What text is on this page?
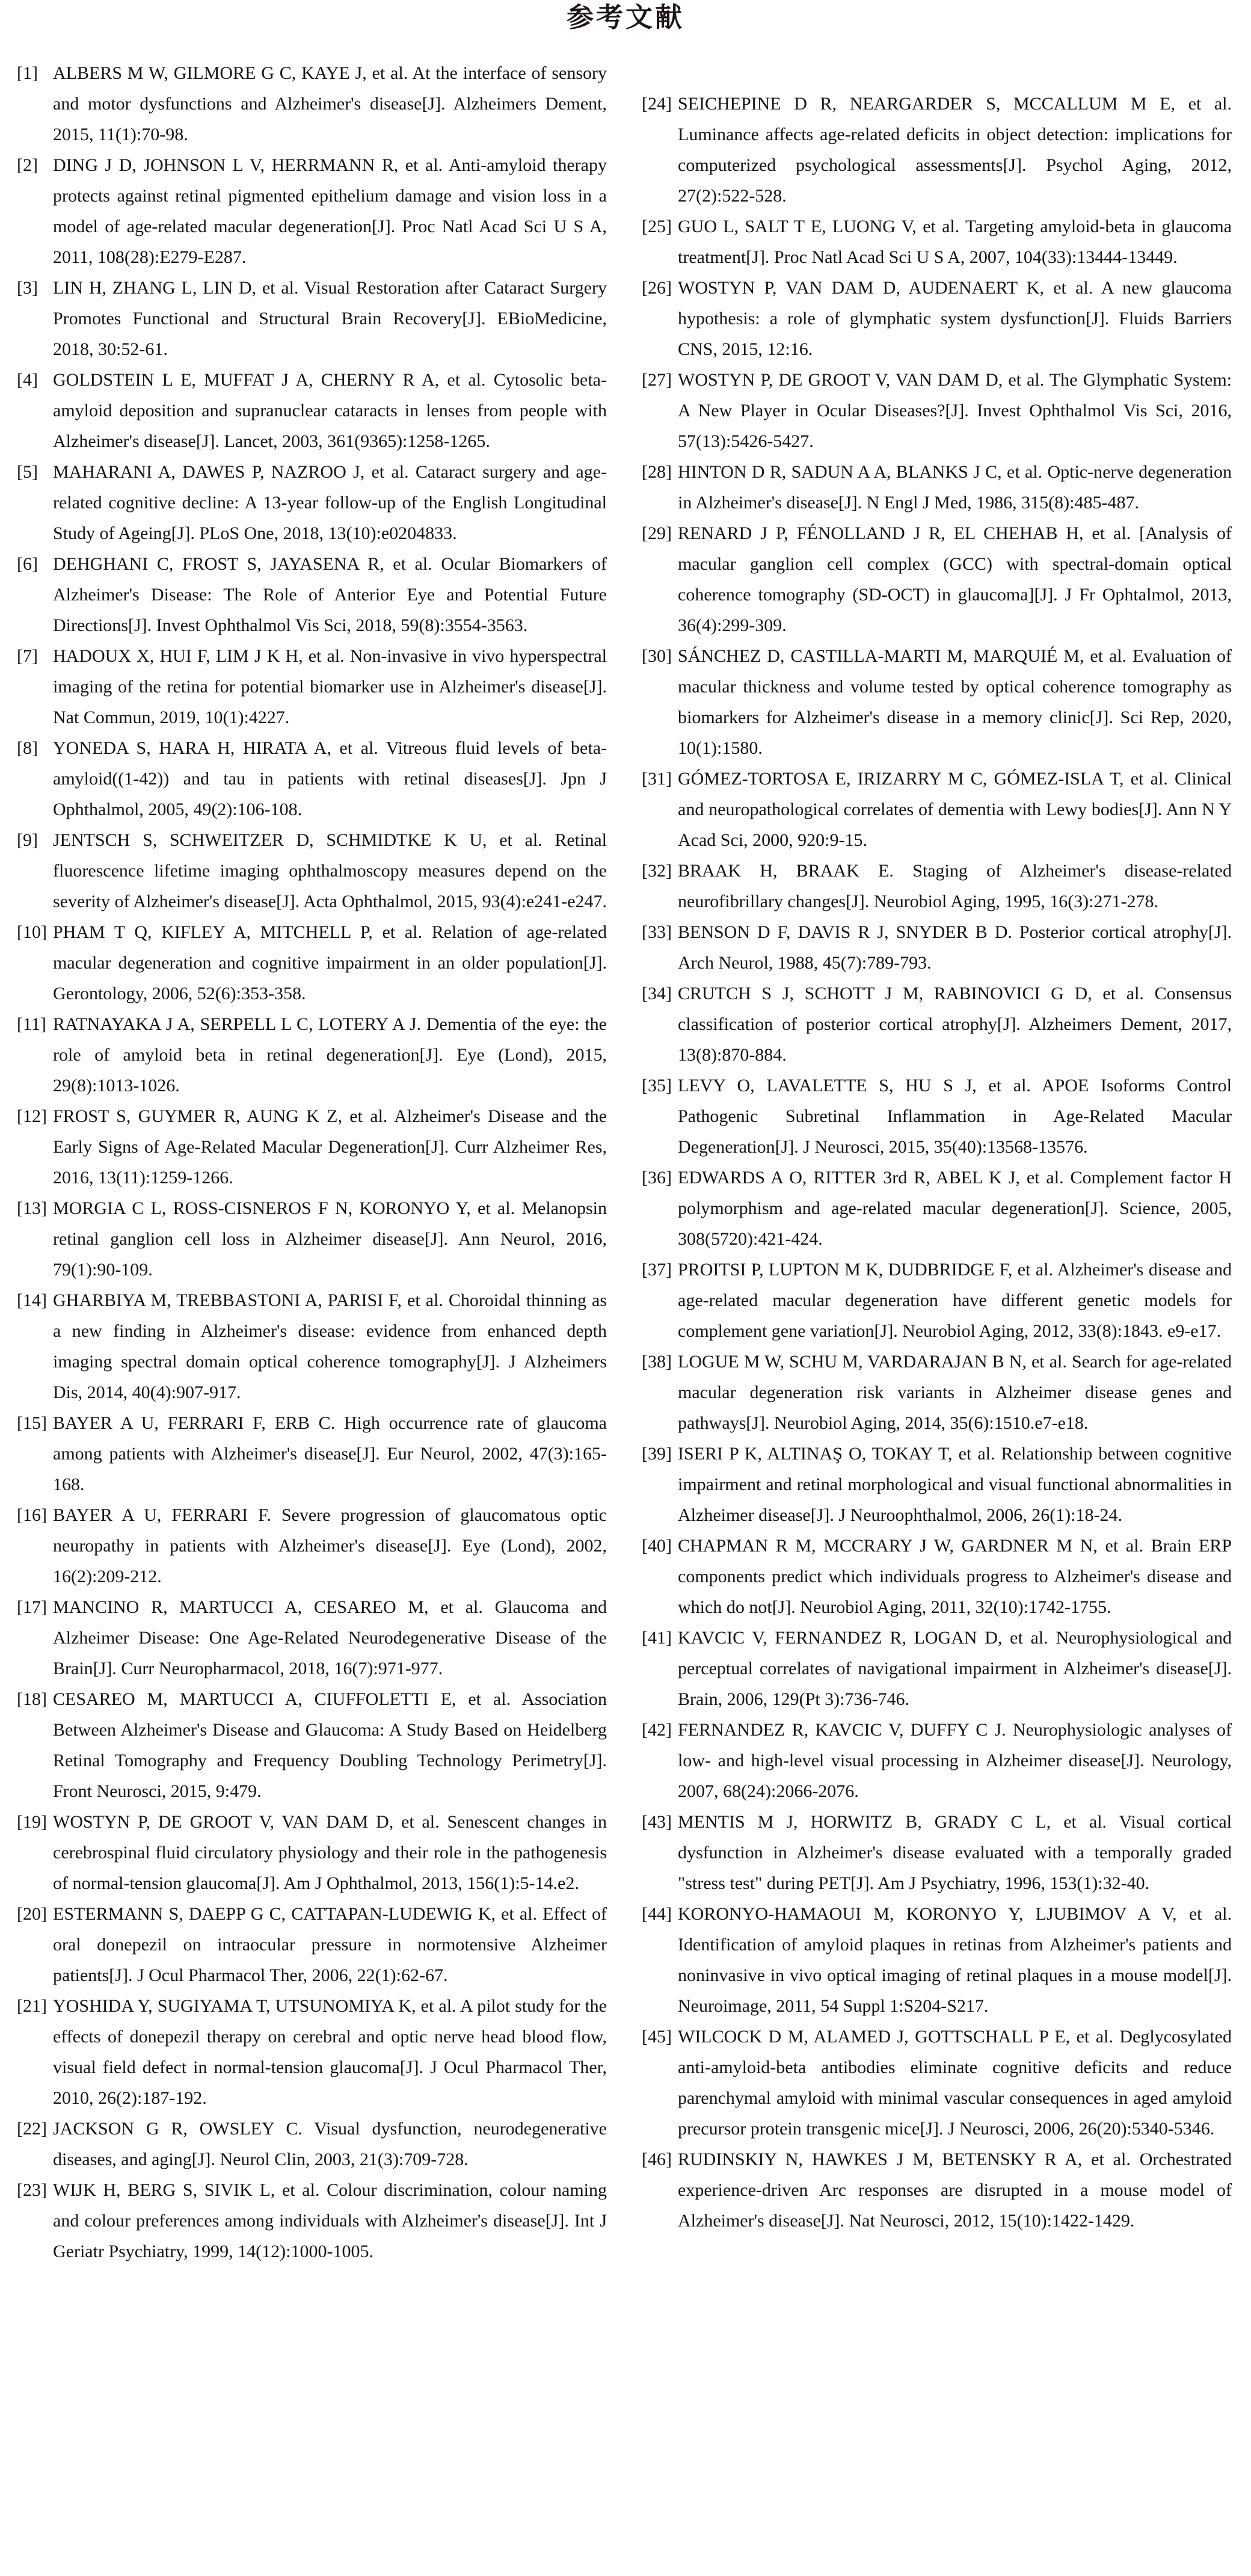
参考文献
[1] ALBERS M W, GILMORE G C, KAYE J, et al. At the interface of sensory and motor dysfunctions and Alzheimer's disease[J]. Alzheimers Dement, 2015, 11(1):70-98.
[2] DING J D, JOHNSON L V, HERRMANN R, et al. Anti-amyloid therapy protects against retinal pigmented epithelium damage and vision loss in a model of age-related macular degeneration[J]. Proc Natl Acad Sci U S A, 2011, 108(28):E279-E287.
[3] LIN H, ZHANG L, LIN D, et al. Visual Restoration after Cataract Surgery Promotes Functional and Structural Brain Recovery[J]. EBioMedicine, 2018, 30:52-61.
[4] GOLDSTEIN L E, MUFFAT J A, CHERNY R A, et al. Cytosolic beta-amyloid deposition and supranuclear cataracts in lenses from people with Alzheimer's disease[J]. Lancet, 2003, 361(9365):1258-1265.
[5] MAHARANI A, DAWES P, NAZROO J, et al. Cataract surgery and age-related cognitive decline: A 13-year follow-up of the English Longitudinal Study of Ageing[J]. PLoS One, 2018, 13(10):e0204833.
[6] DEHGHANI C, FROST S, JAYASENA R, et al. Ocular Biomarkers of Alzheimer's Disease: The Role of Anterior Eye and Potential Future Directions[J]. Invest Ophthalmol Vis Sci, 2018, 59(8):3554-3563.
[7] HADOUX X, HUI F, LIM J K H, et al. Non-invasive in vivo hyperspectral imaging of the retina for potential biomarker use in Alzheimer's disease[J]. Nat Commun, 2019, 10(1):4227.
[8] YONEDA S, HARA H, HIRATA A, et al. Vitreous fluid levels of beta-amyloid((1-42)) and tau in patients with retinal diseases[J]. Jpn J Ophthalmol, 2005, 49(2):106-108.
[9] JENTSCH S, SCHWEITZER D, SCHMIDTKE K U, et al. Retinal fluorescence lifetime imaging ophthalmoscopy measures depend on the severity of Alzheimer's disease[J]. Acta Ophthalmol, 2015, 93(4):e241-e247.
[10] PHAM T Q, KIFLEY A, MITCHELL P, et al. Relation of age-related macular degeneration and cognitive impairment in an older population[J]. Gerontology, 2006, 52(6):353-358.
[11] RATNAYAKA J A, SERPELL L C, LOTERY A J. Dementia of the eye: the role of amyloid beta in retinal degeneration[J]. Eye (Lond), 2015, 29(8):1013-1026.
[12] FROST S, GUYMER R, AUNG K Z, et al. Alzheimer's Disease and the Early Signs of Age-Related Macular Degeneration[J]. Curr Alzheimer Res, 2016, 13(11):1259-1266.
[13] MORGIA C L, ROSS-CISNEROS F N, KORONYO Y, et al. Melanopsin retinal ganglion cell loss in Alzheimer disease[J]. Ann Neurol, 2016, 79(1):90-109.
[14] GHARBIYA M, TREBBASTONI A, PARISI F, et al. Choroidal thinning as a new finding in Alzheimer's disease: evidence from enhanced depth imaging spectral domain optical coherence tomography[J]. J Alzheimers Dis, 2014, 40(4):907-917.
[15] BAYER A U, FERRARI F, ERB C. High occurrence rate of glaucoma among patients with Alzheimer's disease[J]. Eur Neurol, 2002, 47(3):165-168.
[16] BAYER A U, FERRARI F. Severe progression of glaucomatous optic neuropathy in patients with Alzheimer's disease[J]. Eye (Lond), 2002, 16(2):209-212.
[17] MANCINO R, MARTUCCI A, CESAREO M, et al. Glaucoma and Alzheimer Disease: One Age-Related Neurodegenerative Disease of the Brain[J]. Curr Neuropharmacol, 2018, 16(7):971-977.
[18] CESAREO M, MARTUCCI A, CIUFFOLETTI E, et al. Association Between Alzheimer's Disease and Glaucoma: A Study Based on Heidelberg Retinal Tomography and Frequency Doubling Technology Perimetry[J]. Front Neurosci, 2015, 9:479.
[19] WOSTYN P, DE GROOT V, VAN DAM D, et al. Senescent changes in cerebrospinal fluid circulatory physiology and their role in the pathogenesis of normal-tension glaucoma[J]. Am J Ophthalmol, 2013, 156(1):5-14.e2.
[20] ESTERMANN S, DAEPP G C, CATTAPAN-LUDEWIG K, et al. Effect of oral donepezil on intraocular pressure in normotensive Alzheimer patients[J]. J Ocul Pharmacol Ther, 2006, 22(1):62-67.
[21] YOSHIDA Y, SUGIYAMA T, UTSUNOMIYA K, et al. A pilot study for the effects of donepezil therapy on cerebral and optic nerve head blood flow, visual field defect in normal-tension glaucoma[J]. J Ocul Pharmacol Ther, 2010, 26(2):187-192.
[22] JACKSON G R, OWSLEY C. Visual dysfunction, neurodegenerative diseases, and aging[J]. Neurol Clin, 2003, 21(3):709-728.
[23] WIJK H, BERG S, SIVIK L, et al. Colour discrimination, colour naming and colour preferences among individuals with Alzheimer's disease[J]. Int J Geriatr Psychiatry, 1999, 14(12):1000-1005.
[24] SEICHEPINE D R, NEARGARDER S, MCCALLUM M E, et al. Luminance affects age-related deficits in object detection: implications for computerized psychological assessments[J]. Psychol Aging, 2012, 27(2):522-528.
[25] GUO L, SALT T E, LUONG V, et al. Targeting amyloid-beta in glaucoma treatment[J]. Proc Natl Acad Sci U S A, 2007, 104(33):13444-13449.
[26] WOSTYN P, VAN DAM D, AUDENAERT K, et al. A new glaucoma hypothesis: a role of glymphatic system dysfunction[J]. Fluids Barriers CNS, 2015, 12:16.
[27] WOSTYN P, DE GROOT V, VAN DAM D, et al. The Glymphatic System: A New Player in Ocular Diseases?[J]. Invest Ophthalmol Vis Sci, 2016, 57(13):5426-5427.
[28] HINTON D R, SADUN A A, BLANKS J C, et al. Optic-nerve degeneration in Alzheimer's disease[J]. N Engl J Med, 1986, 315(8):485-487.
[29] RENARD J P, FÉNOLLAND J R, EL CHEHAB H, et al. [Analysis of macular ganglion cell complex (GCC) with spectral-domain optical coherence tomography (SD-OCT) in glaucoma][J]. J Fr Ophtalmol, 2013, 36(4):299-309.
[30] SÁNCHEZ D, CASTILLA-MARTI M, MARQUIÉ M, et al. Evaluation of macular thickness and volume tested by optical coherence tomography as biomarkers for Alzheimer's disease in a memory clinic[J]. Sci Rep, 2020, 10(1):1580.
[31] GÓMEZ-TORTOSA E, IRIZARRY M C, GÓMEZ-ISLA T, et al. Clinical and neuropathological correlates of dementia with Lewy bodies[J]. Ann N Y Acad Sci, 2000, 920:9-15.
[32] BRAAK H, BRAAK E. Staging of Alzheimer's disease-related neurofibrillary changes[J]. Neurobiol Aging, 1995, 16(3):271-278.
[33] BENSON D F, DAVIS R J, SNYDER B D. Posterior cortical atrophy[J]. Arch Neurol, 1988, 45(7):789-793.
[34] CRUTCH S J, SCHOTT J M, RABINOVICI G D, et al. Consensus classification of posterior cortical atrophy[J]. Alzheimers Dement, 2017, 13(8):870-884.
[35] LEVY O, LAVALETTE S, HU S J, et al. APOE Isoforms Control Pathogenic Subretinal Inflammation in Age-Related Macular Degeneration[J]. J Neurosci, 2015, 35(40):13568-13576.
[36] EDWARDS A O, RITTER 3rd R, ABEL K J, et al. Complement factor H polymorphism and age-related macular degeneration[J]. Science, 2005, 308(5720):421-424.
[37] PROITSI P, LUPTON M K, DUDBRIDGE F, et al. Alzheimer's disease and age-related macular degeneration have different genetic models for complement gene variation[J]. Neurobiol Aging, 2012, 33(8):1843. e9-e17.
[38] LOGUE M W, SCHU M, VARDARAJAN B N, et al. Search for age-related macular degeneration risk variants in Alzheimer disease genes and pathways[J]. Neurobiol Aging, 2014, 35(6):1510.e7-e18.
[39] ISERI P K, ALTINAŞ O, TOKAY T, et al. Relationship between cognitive impairment and retinal morphological and visual functional abnormalities in Alzheimer disease[J]. J Neuroophthalmol, 2006, 26(1):18-24.
[40] CHAPMAN R M, MCCRARY J W, GARDNER M N, et al. Brain ERP components predict which individuals progress to Alzheimer's disease and which do not[J]. Neurobiol Aging, 2011, 32(10):1742-1755.
[41] KAVCIC V, FERNANDEZ R, LOGAN D, et al. Neurophysiological and perceptual correlates of navigational impairment in Alzheimer's disease[J]. Brain, 2006, 129(Pt 3):736-746.
[42] FERNANDEZ R, KAVCIC V, DUFFY C J. Neurophysiologic analyses of low- and high-level visual processing in Alzheimer disease[J]. Neurology, 2007, 68(24):2066-2076.
[43] MENTIS M J, HORWITZ B, GRADY C L, et al. Visual cortical dysfunction in Alzheimer's disease evaluated with a temporally graded "stress test" during PET[J]. Am J Psychiatry, 1996, 153(1):32-40.
[44] KORONYO-HAMAOUI M, KORONYO Y, LJUBIMOV A V, et al. Identification of amyloid plaques in retinas from Alzheimer's patients and noninvasive in vivo optical imaging of retinal plaques in a mouse model[J]. Neuroimage, 2011, 54 Suppl 1:S204-S217.
[45] WILCOCK D M, ALAMED J, GOTTSCHALL P E, et al. Deglycosylated anti-amyloid-beta antibodies eliminate cognitive deficits and reduce parenchymal amyloid with minimal vascular consequences in aged amyloid precursor protein transgenic mice[J]. J Neurosci, 2006, 26(20):5340-5346.
[46] RUDINSKIY N, HAWKES J M, BETENSKY R A, et al. Orchestrated experience-driven Arc responses are disrupted in a mouse model of Alzheimer's disease[J]. Nat Neurosci, 2012, 15(10):1422-1429.
